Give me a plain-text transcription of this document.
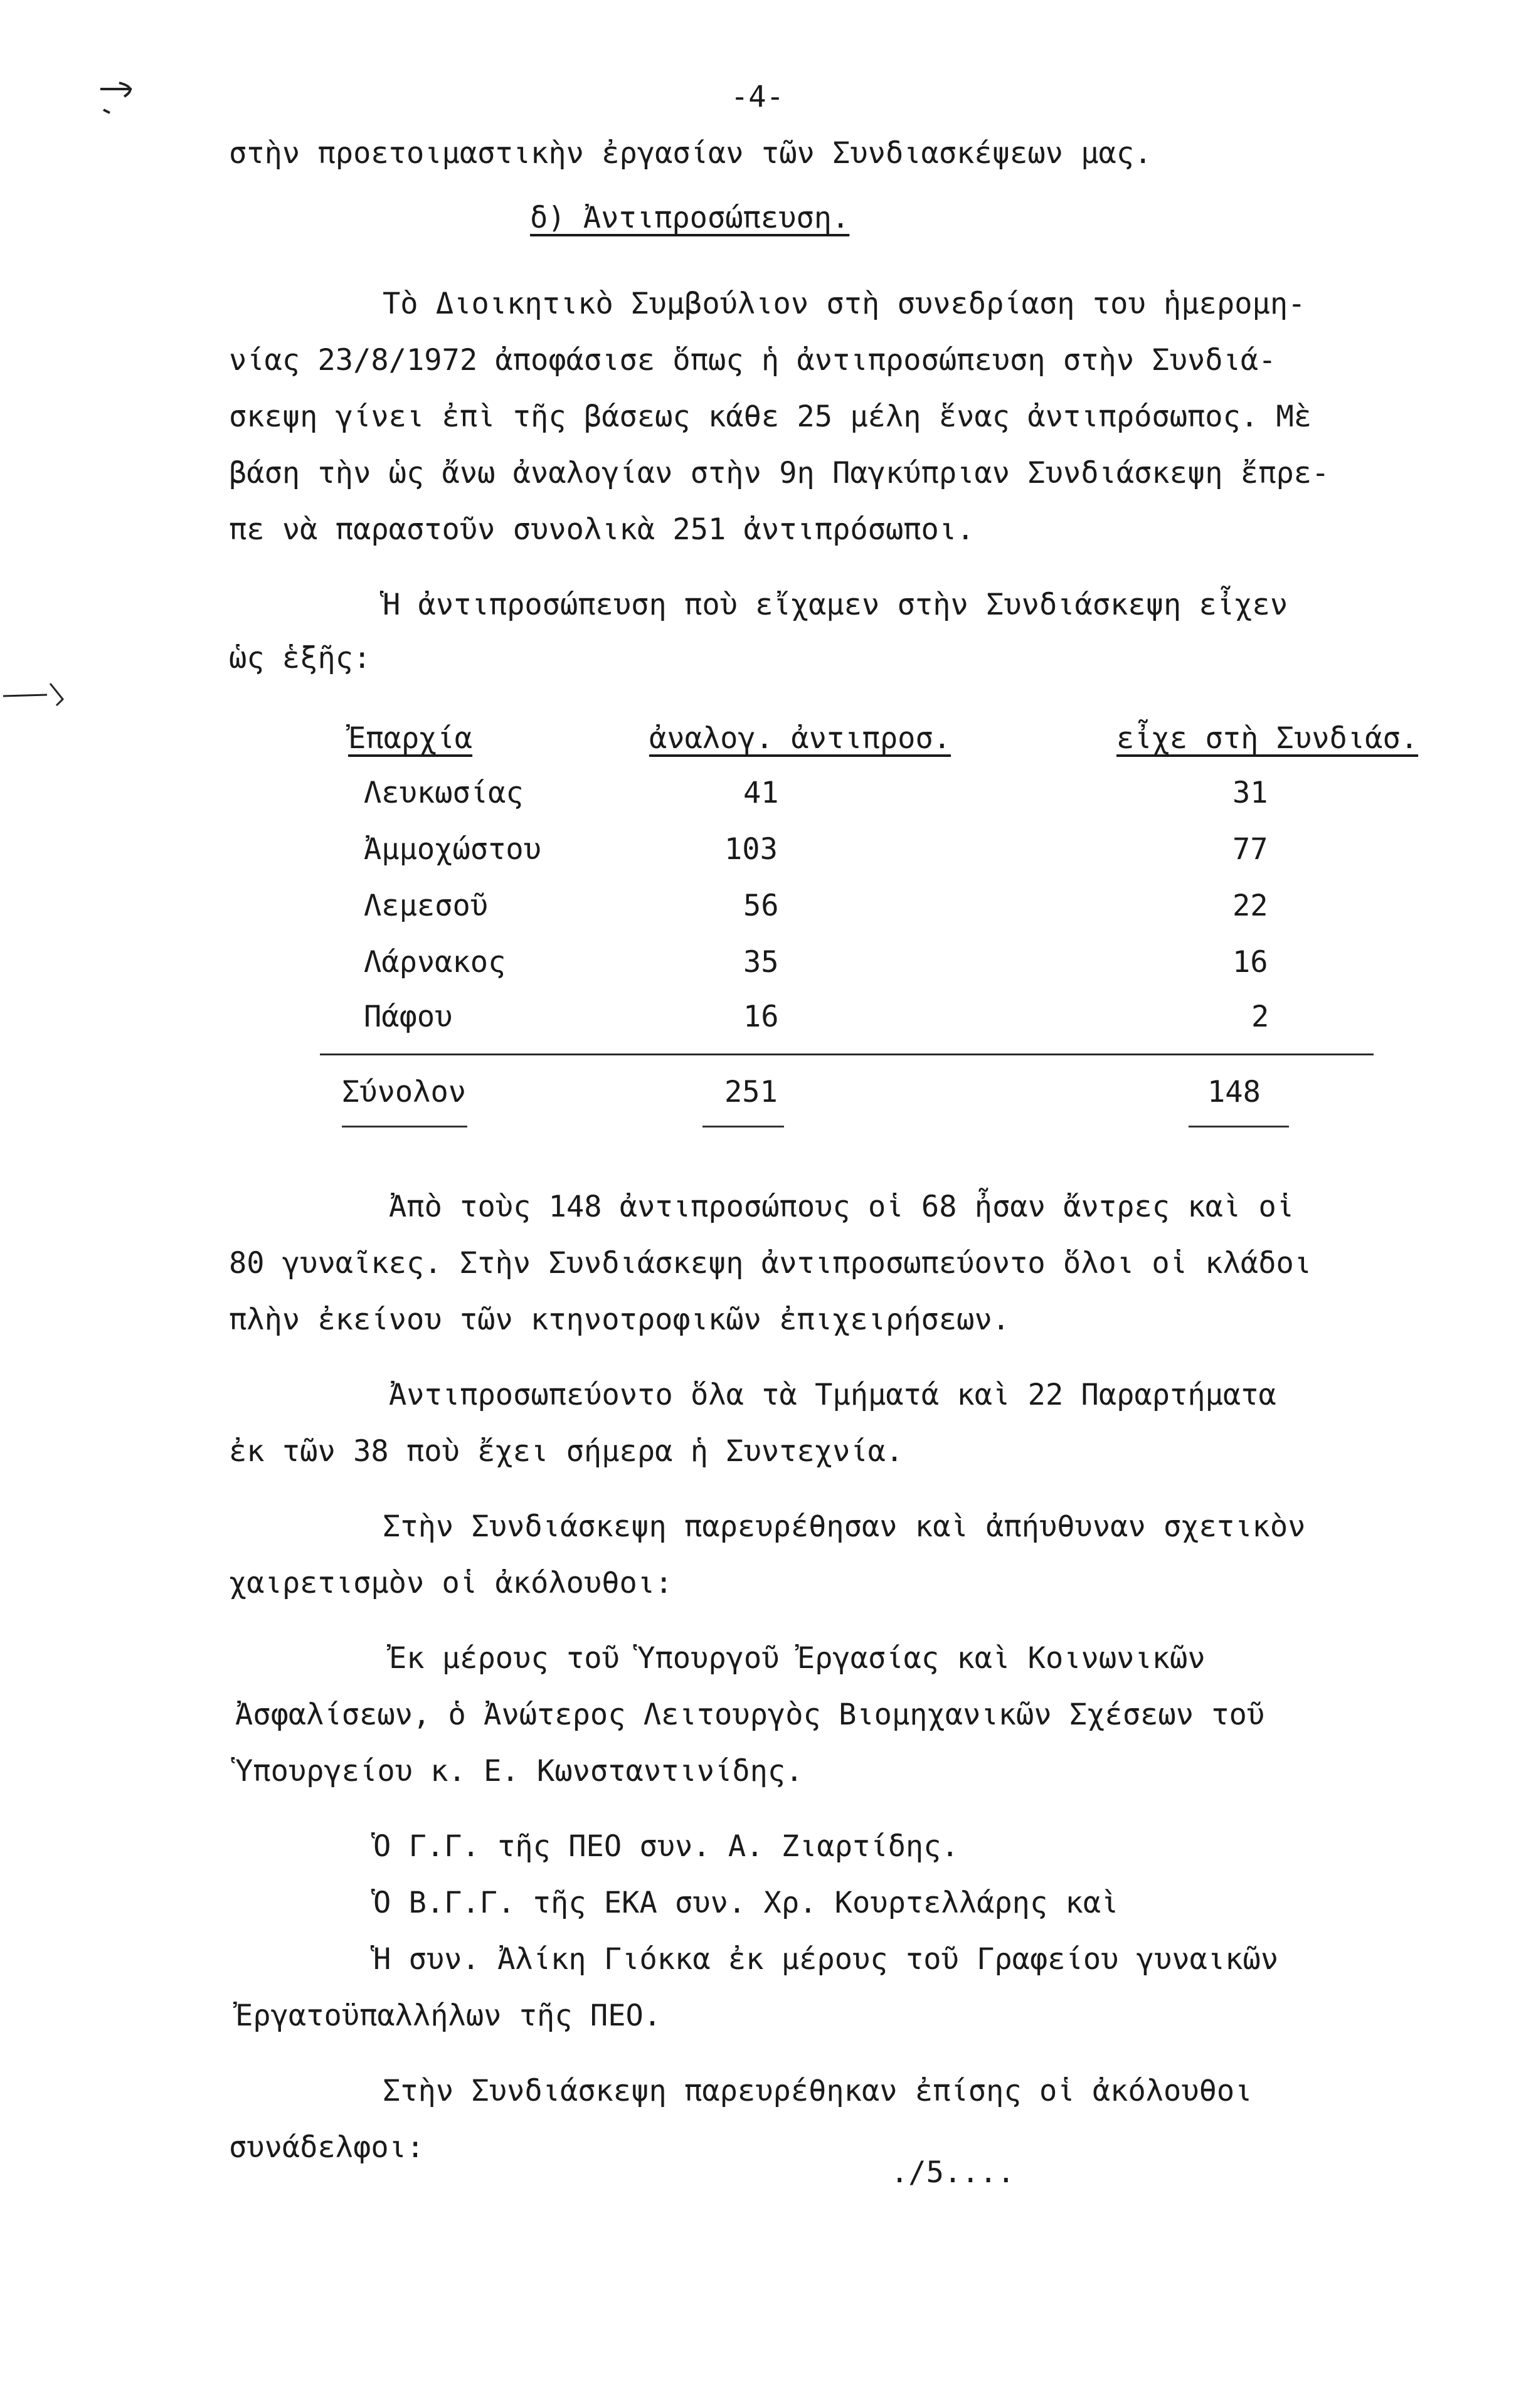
-4-
στὴν προετοιμαστικὴν ἐργασίαν τῶν Συνδιασκέψεων μας.
δ) Ἀντιπροσώπευση.
Τὸ Διοικητικὸ Συμβούλιον στὴ συνεδρίαση του ἡμερομη-
νίας 23/8/1972 ἀποφάσισε ὅπως ἡ ἀντιπροσώπευση στὴν Συνδιά-
σκεψη γίνει ἐπὶ τῆς βάσεως κάθε 25 μέλη ἕνας ἀντιπρόσωπος. Μὲ
βάση τὴν ὡς ἄνω ἀναλογίαν στὴν 9η Παγκύπριαν Συνδιάσκεψη ἔπρε-
πε νὰ παραστοῦν συνολικὰ 251 ἀντιπρόσωποι.
Ἡ ἀντιπροσώπευση ποὺ εἴχαμεν στὴν Συνδιάσκεψη εἶχεν
ὡς ἑξῆς:
Ἐπαρχία	ἀναλογ. ἀντιπροσ.	εἶχε στὴ Συνδιάσ.
Λευκωσίας	41	31
Ἀμμοχώστου	103	77
Λεμεσοῦ	56	22
Λάρνακος	35	16
Πάφου	16	2
Σύνολον	251	148
Ἀπὸ τοὺς 148 ἀντιπροσώπους οἱ 68 ἦσαν ἄντρες καὶ οἱ
80 γυναῖκες. Στὴν Συνδιάσκεψη ἀντιπροσωπεύοντο ὅλοι οἱ κλάδοι
πλὴν ἐκείνου τῶν κτηνοτροφικῶν ἐπιχειρήσεων.
Ἀντιπροσωπεύοντο ὅλα τὰ Τμήματά καὶ 22 Παραρτήματα
ἐκ τῶν 38 ποὺ ἔχει σήμερα ἡ Συντεχνία.
Στὴν Συνδιάσκεψη παρευρέθησαν καὶ ἀπήυθυναν σχετικὸν
χαιρετισμὸν οἱ ἀκόλουθοι:
Ἐκ μέρους τοῦ Ὑπουργοῦ Ἐργασίας καὶ Κοινωνικῶν
Ἀσφαλίσεων, ὁ Ἀνώτερος Λειτουργὸς Βιομηχανικῶν Σχέσεων τοῦ
Ὑπουργείου κ. Ε. Κωνσταντινίδης.
Ὁ Γ.Γ. τῆς ΠΕΟ συν. Α. Ζιαρτίδης.
Ὁ Β.Γ.Γ. τῆς ΕΚΑ συν. Χρ. Κουρτελλάρης καὶ
Ἡ συν. Ἀλίκη Γιόκκα ἐκ μέρους τοῦ Γραφείου γυναικῶν
Ἐργατοϋπαλλήλων τῆς ΠΕΟ.
Στὴν Συνδιάσκεψη παρευρέθηκαν ἐπίσης οἱ ἀκόλουθοι
συνάδελφοι:
./5....
